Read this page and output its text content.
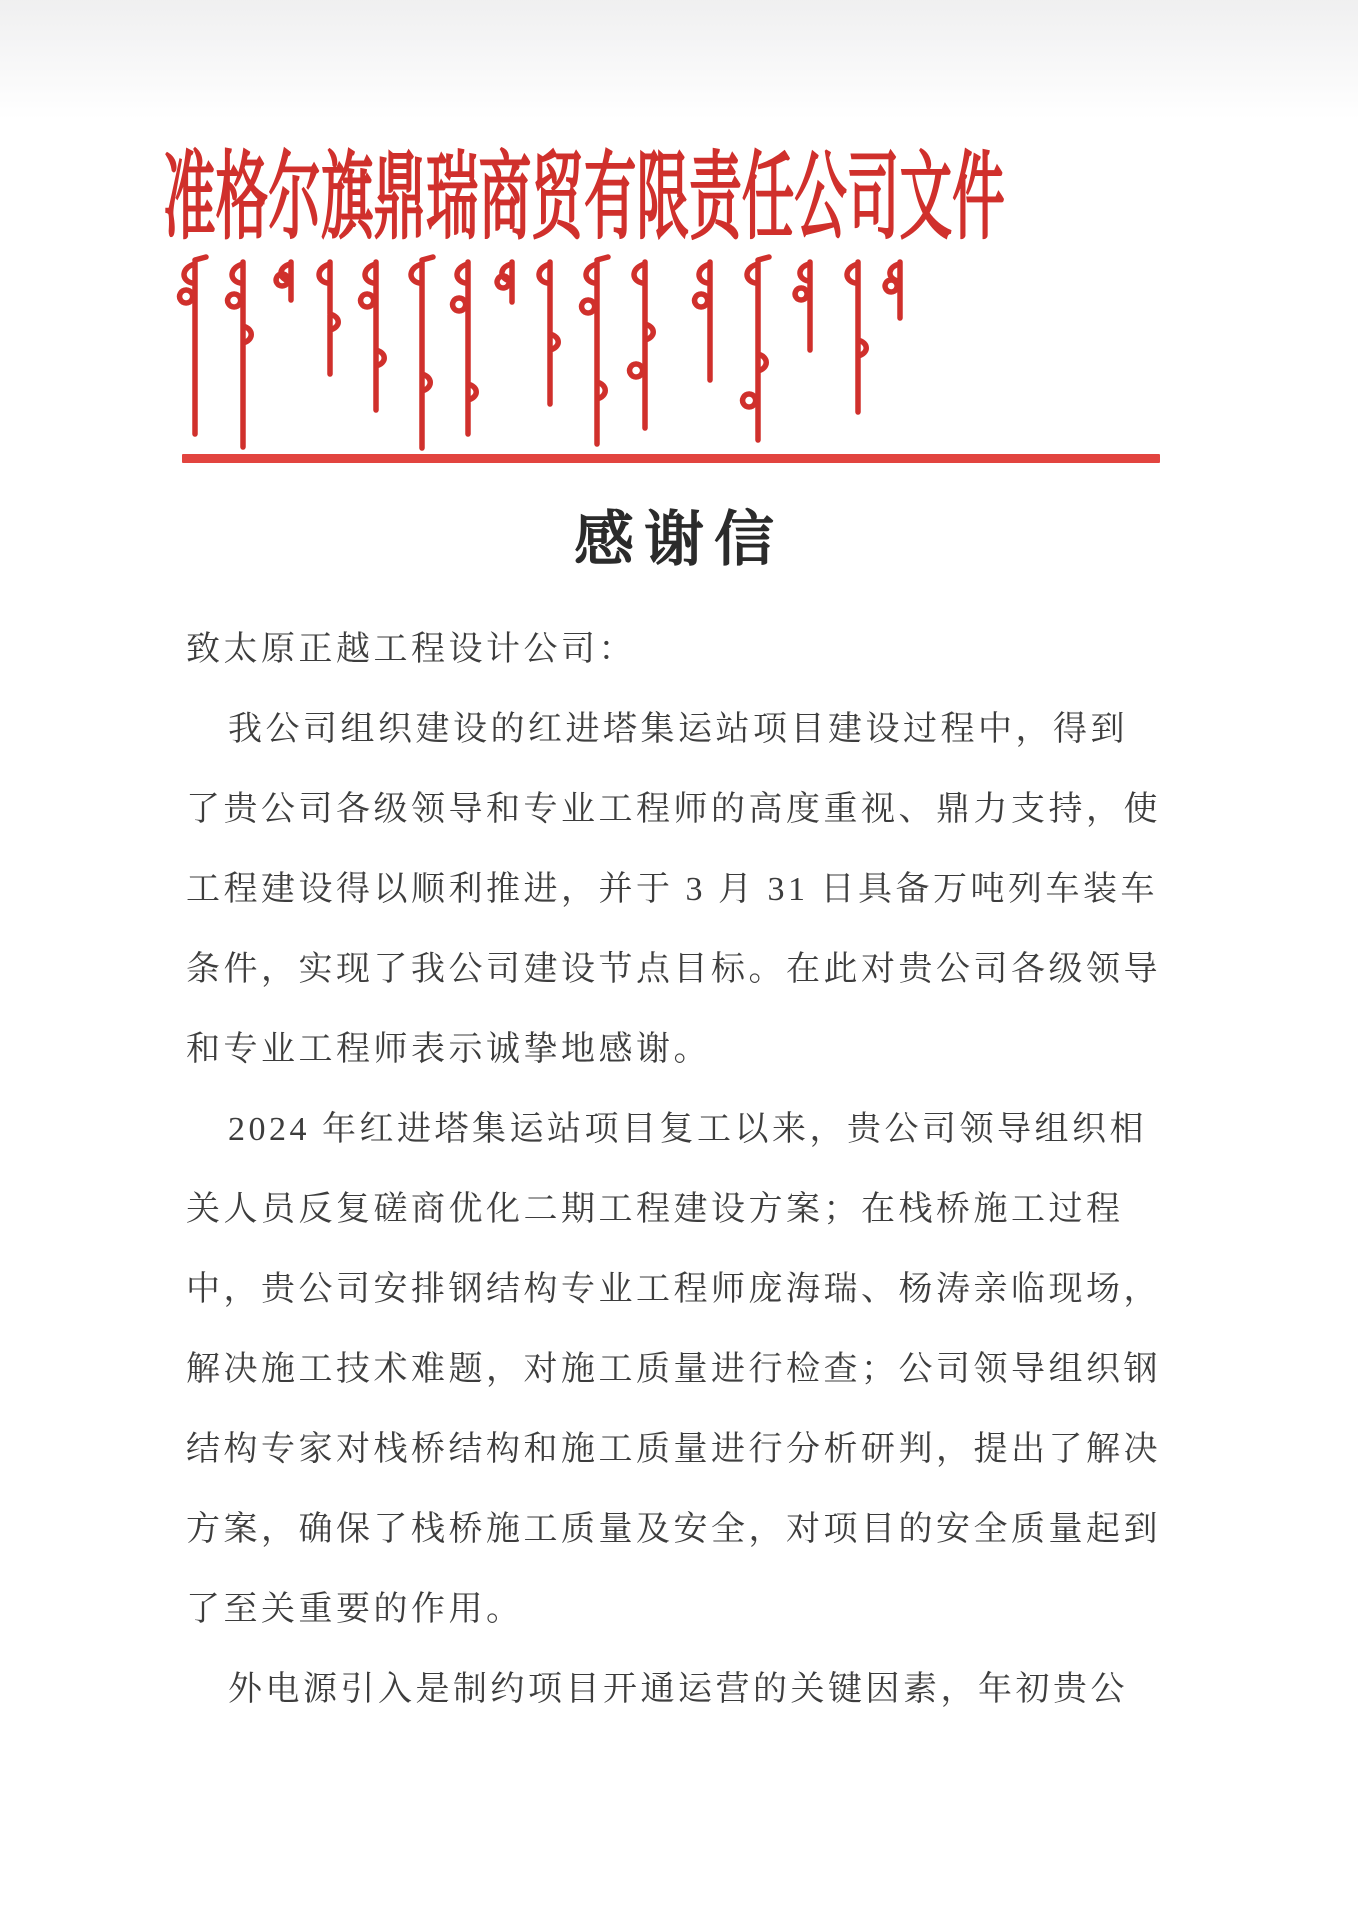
准格尔旗鼎瑞商贸有限责任公司文件
感谢信
致太原正越工程设计公司：
我公司组织建设的红进塔集运站项目建设过程中，得到
了贵公司各级领导和专业工程师的高度重视、鼎力支持，使
工程建设得以顺利推进，并于 3 月 31 日具备万吨列车装车
条件，实现了我公司建设节点目标。在此对贵公司各级领导
和专业工程师表示诚挚地感谢。
2024 年红进塔集运站项目复工以来，贵公司领导组织相
关人员反复磋商优化二期工程建设方案；在栈桥施工过程
中，贵公司安排钢结构专业工程师庞海瑞、杨涛亲临现场，
解决施工技术难题，对施工质量进行检查；公司领导组织钢
结构专家对栈桥结构和施工质量进行分析研判，提出了解决
方案，确保了栈桥施工质量及安全，对项目的安全质量起到
了至关重要的作用。
外电源引入是制约项目开通运营的关键因素，年初贵公
